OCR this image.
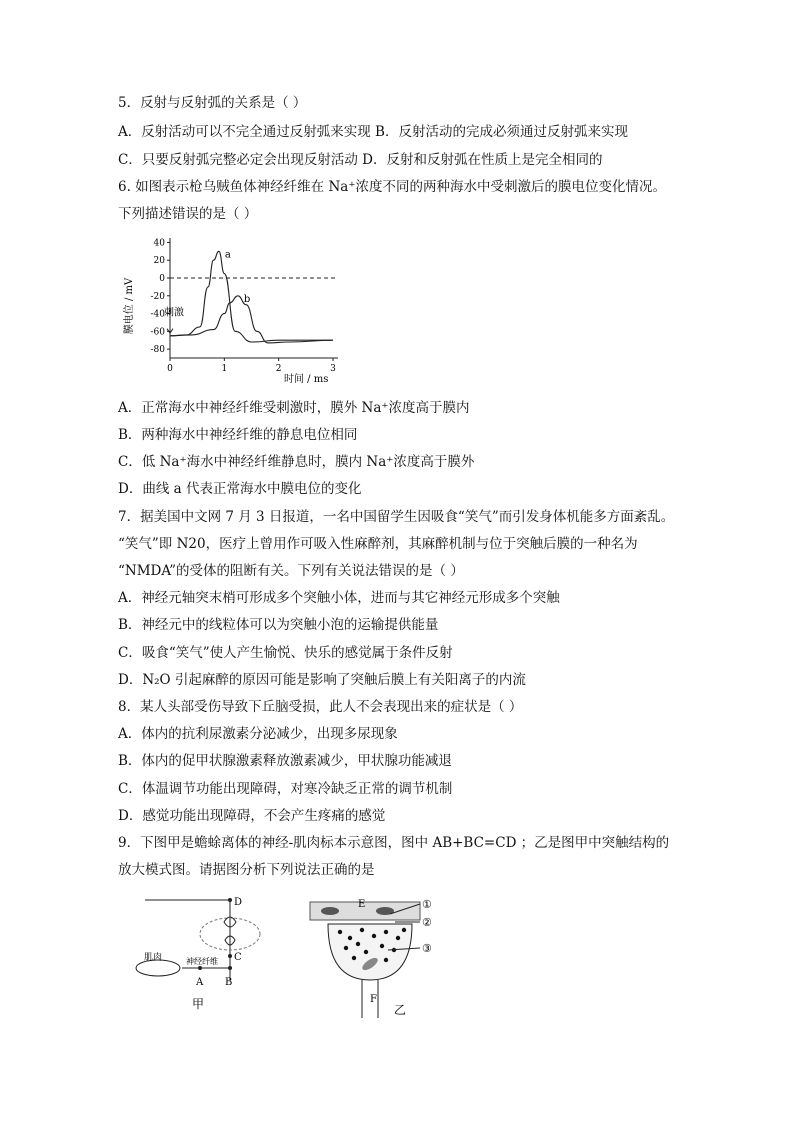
5．反射与反射弧的关系是（ ）
A．反射活动可以不完全通过反射弧来实现 B．反射活动的完成必须通过反射弧来实现
C．只要反射弧完整必定会出现反射活动 D．反射和反射弧在性质上是完全相同的
6. 如图表示枪乌贼鱼体神经纤维在 Na⁺浓度不同的两种海水中受刺激后的膜电位变化情况。
下列描述错误的是（ ）
A．正常海水中神经纤维受刺激时，膜外 Na⁺浓度高于膜内
B．两种海水中神经纤维的静息电位相同
C．低 Na⁺海水中神经纤维静息时，膜内 Na⁺浓度高于膜外
D．曲线 a 代表正常海水中膜电位的变化
7．据美国中文网 7 月 3 日报道，一名中国留学生因吸食“笑气”而引发身体机能多方面紊乱。
“笑气”即 N20，医疗上曾用作可吸入性麻醉剂，其麻醉机制与位于突触后膜的一种名为
“NMDA”的受体的阻断有关。下列有关说法错误的是（ ）
A．神经元轴突末梢可形成多个突触小体，进而与其它神经元形成多个突触
B．神经元中的线粒体可以为突触小泡的运输提供能量
C．吸食“笑气”使人产生愉悦、快乐的感觉属于条件反射
D．N₂O 引起麻醉的原因可能是影响了突触后膜上有关阳离子的内流
8．某人头部受伤导致下丘脑受损，此人不会表现出来的症状是（ ）
A．体内的抗利尿激素分泌减少，出现多尿现象
B．体内的促甲状腺激素释放激素减少，甲状腺功能减退
C．体温调节功能出现障碍，对寒冷缺乏正常的调节机制
D．感觉功能出现障碍，不会产生疼痛的感觉
9．下图甲是蟾蜍离体的神经-肌肉标本示意图，图中 AB+BC=CD ；乙是图甲中突触结构的
放大模式图。请据图分析下列说法正确的是
膜电位 / mV
40
20
0
-20
-40
-60
-80
0	1	2	3
刺激
a
b
时间 / ms
D
C
B
A
肌肉	神经纤维
甲
E
F
①
②
③
乙
